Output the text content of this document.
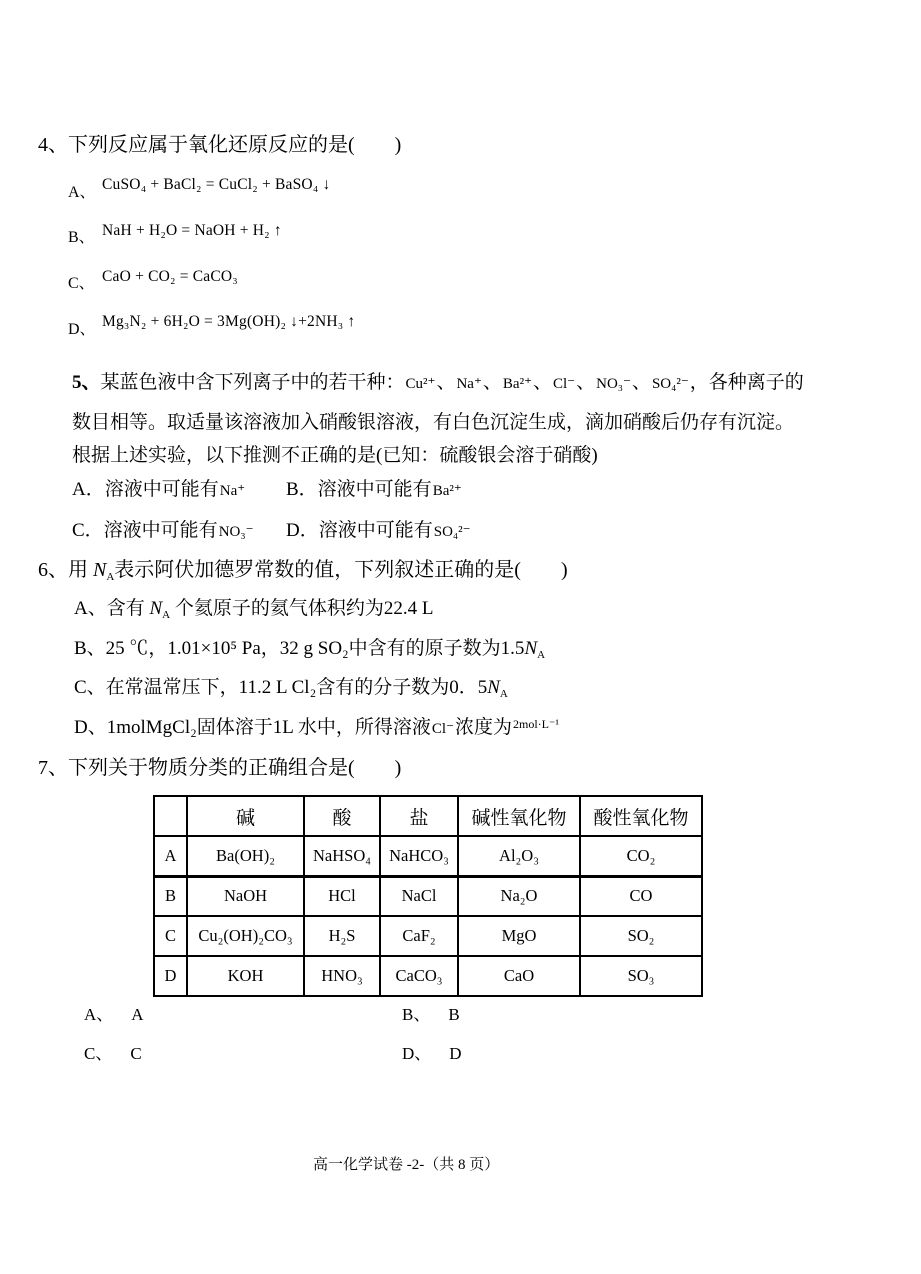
4、下列反应属于氧化还原反应的是(　　)
A、 CuSO₄ + BaCl₂ = CuCl₂ + BaSO₄ ↓
B、 NaH + H₂O = NaOH + H₂ ↑
C、 CaO + CO₂ = CaCO₃
D、 Mg₃N₂ + 6H₂O = 3Mg(OH)₂ ↓+2NH₃ ↑
5、 某蓝色液中含下列离子中的若干种： Cu²⁺ 、 Na⁺ 、 Ba²⁺ 、 Cl⁻ 、 NO₃⁻ 、 SO₄²⁻ ，各种离子的
数目相等。取适量该溶液加入硝酸银溶液，有白色沉淀生成，滴加硝酸后仍存有沉淀。
根据上述实验，以下推测不正确的是(已知：硫酸银会溶于硝酸)
A．溶液中可能有 Na⁺ B．溶液中可能有 Ba²⁺
C．溶液中可能有 NO₃⁻ D．溶液中可能有 SO₄²⁻
6、用 N A 表示阿伏加德罗常数的值，下列叙述正确的是(　　)
A、含有 N A 个氦原子的氦气体积约为22.4 L
B、25 ℃，1.01×10⁵ Pa，32 g SO₂中含有的原子数为1.5 N A
C、在常温常压下，11.2 L Cl₂含有的分子数为0．5 N A
D、1molMgCl₂固体溶于1L 水中，所得溶液 Cl⁻ 浓度为 2mol·L⁻¹
7、下列关于物质分类的正确组合是(　　)
	碱	酸	盐	碱性氧化物	酸性氧化物
A	Ba(OH)₂	NaHSO₄	NaHCO₃	Al₂O₃	CO₂
B	NaOH	HCl	NaCl	Na₂O	CO
C	Cu₂(OH)₂CO₃	H₂S	CaF₂	MgO	SO₂
D	KOH	HNO₃	CaCO₃	CaO	SO₃
A、 A	B、 B
C、 C	D、 D
高一化学试卷 -2-（共 8 页）
